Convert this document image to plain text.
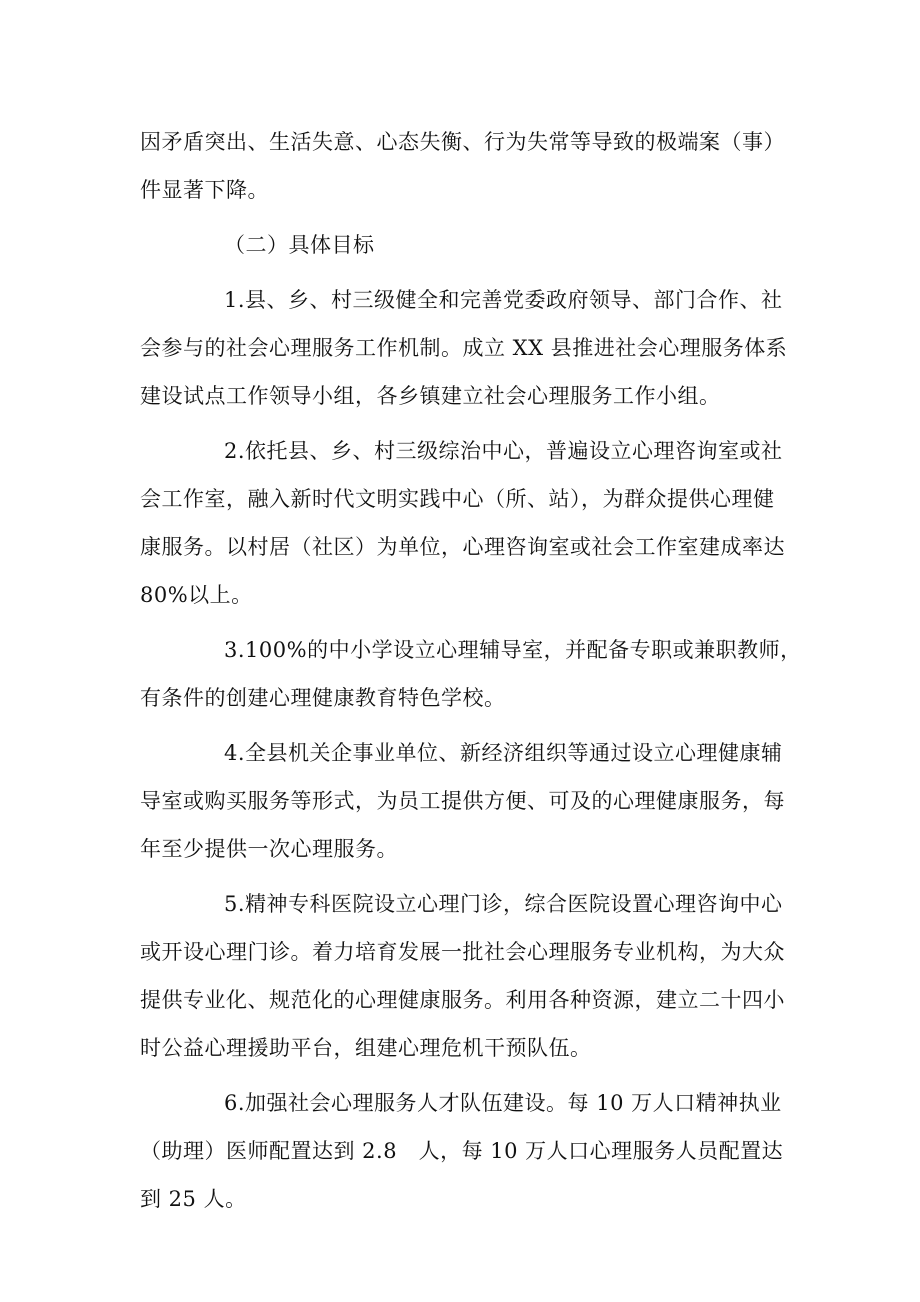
因矛盾突出、生活失意、心态失衡、行为失常等导致的极端案（事）
件显著下降。
（二）具体目标
1.县、乡、村三级健全和完善党委政府领导、部门合作、社
会参与的社会心理服务工作机制。成立 XX 县推进社会心理服务体系
建设试点工作领导小组，各乡镇建立社会心理服务工作小组。
2.依托县、乡、村三级综治中心，普遍设立心理咨询室或社
会工作室，融入新时代文明实践中心（所、站），为群众提供心理健
康服务。以村居（社区）为单位，心理咨询室或社会工作室建成率达
80%以上。
3.100%的中小学设立心理辅导室，并配备专职或兼职教师，
有条件的创建心理健康教育特色学校。
4.全县机关企事业单位、新经济组织等通过设立心理健康辅
导室或购买服务等形式，为员工提供方便、可及的心理健康服务，每
年至少提供一次心理服务。
5.精神专科医院设立心理门诊，综合医院设置心理咨询中心
或开设心理门诊。着力培育发展一批社会心理服务专业机构，为大众
提供专业化、规范化的心理健康服务。利用各种资源，建立二十四小
时公益心理援助平台，组建心理危机干预队伍。
6.加强社会心理服务人才队伍建设。每 10 万人口精神执业
（助理）医师配置达到 2.8　人，每 10 万人口心理服务人员配置达
到 25 人。
